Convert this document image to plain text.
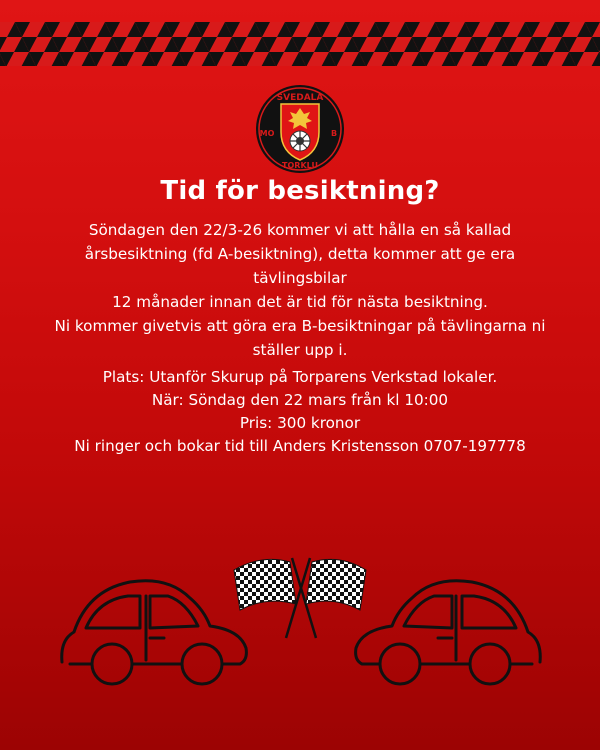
SVEDALA
MO	B
TORKLU
Tid för besiktning?

Söndagen den 22/3-26 kommer vi att hålla en så kallad

årsbesiktning (fd A-besiktning), detta kommer att ge era tävlingsbilar

12 månader innan det är tid för nästa besiktning.

Ni kommer givetvis att göra era B-besiktningar på tävlingarna ni

ställer upp i.

Plats: Utanför Skurup på Torparens Verkstad lokaler.

När: Söndag den 22 mars från kl 10:00

Pris: 300 kronor

Ni ringer och bokar tid till Anders Kristensson 0707-197778
